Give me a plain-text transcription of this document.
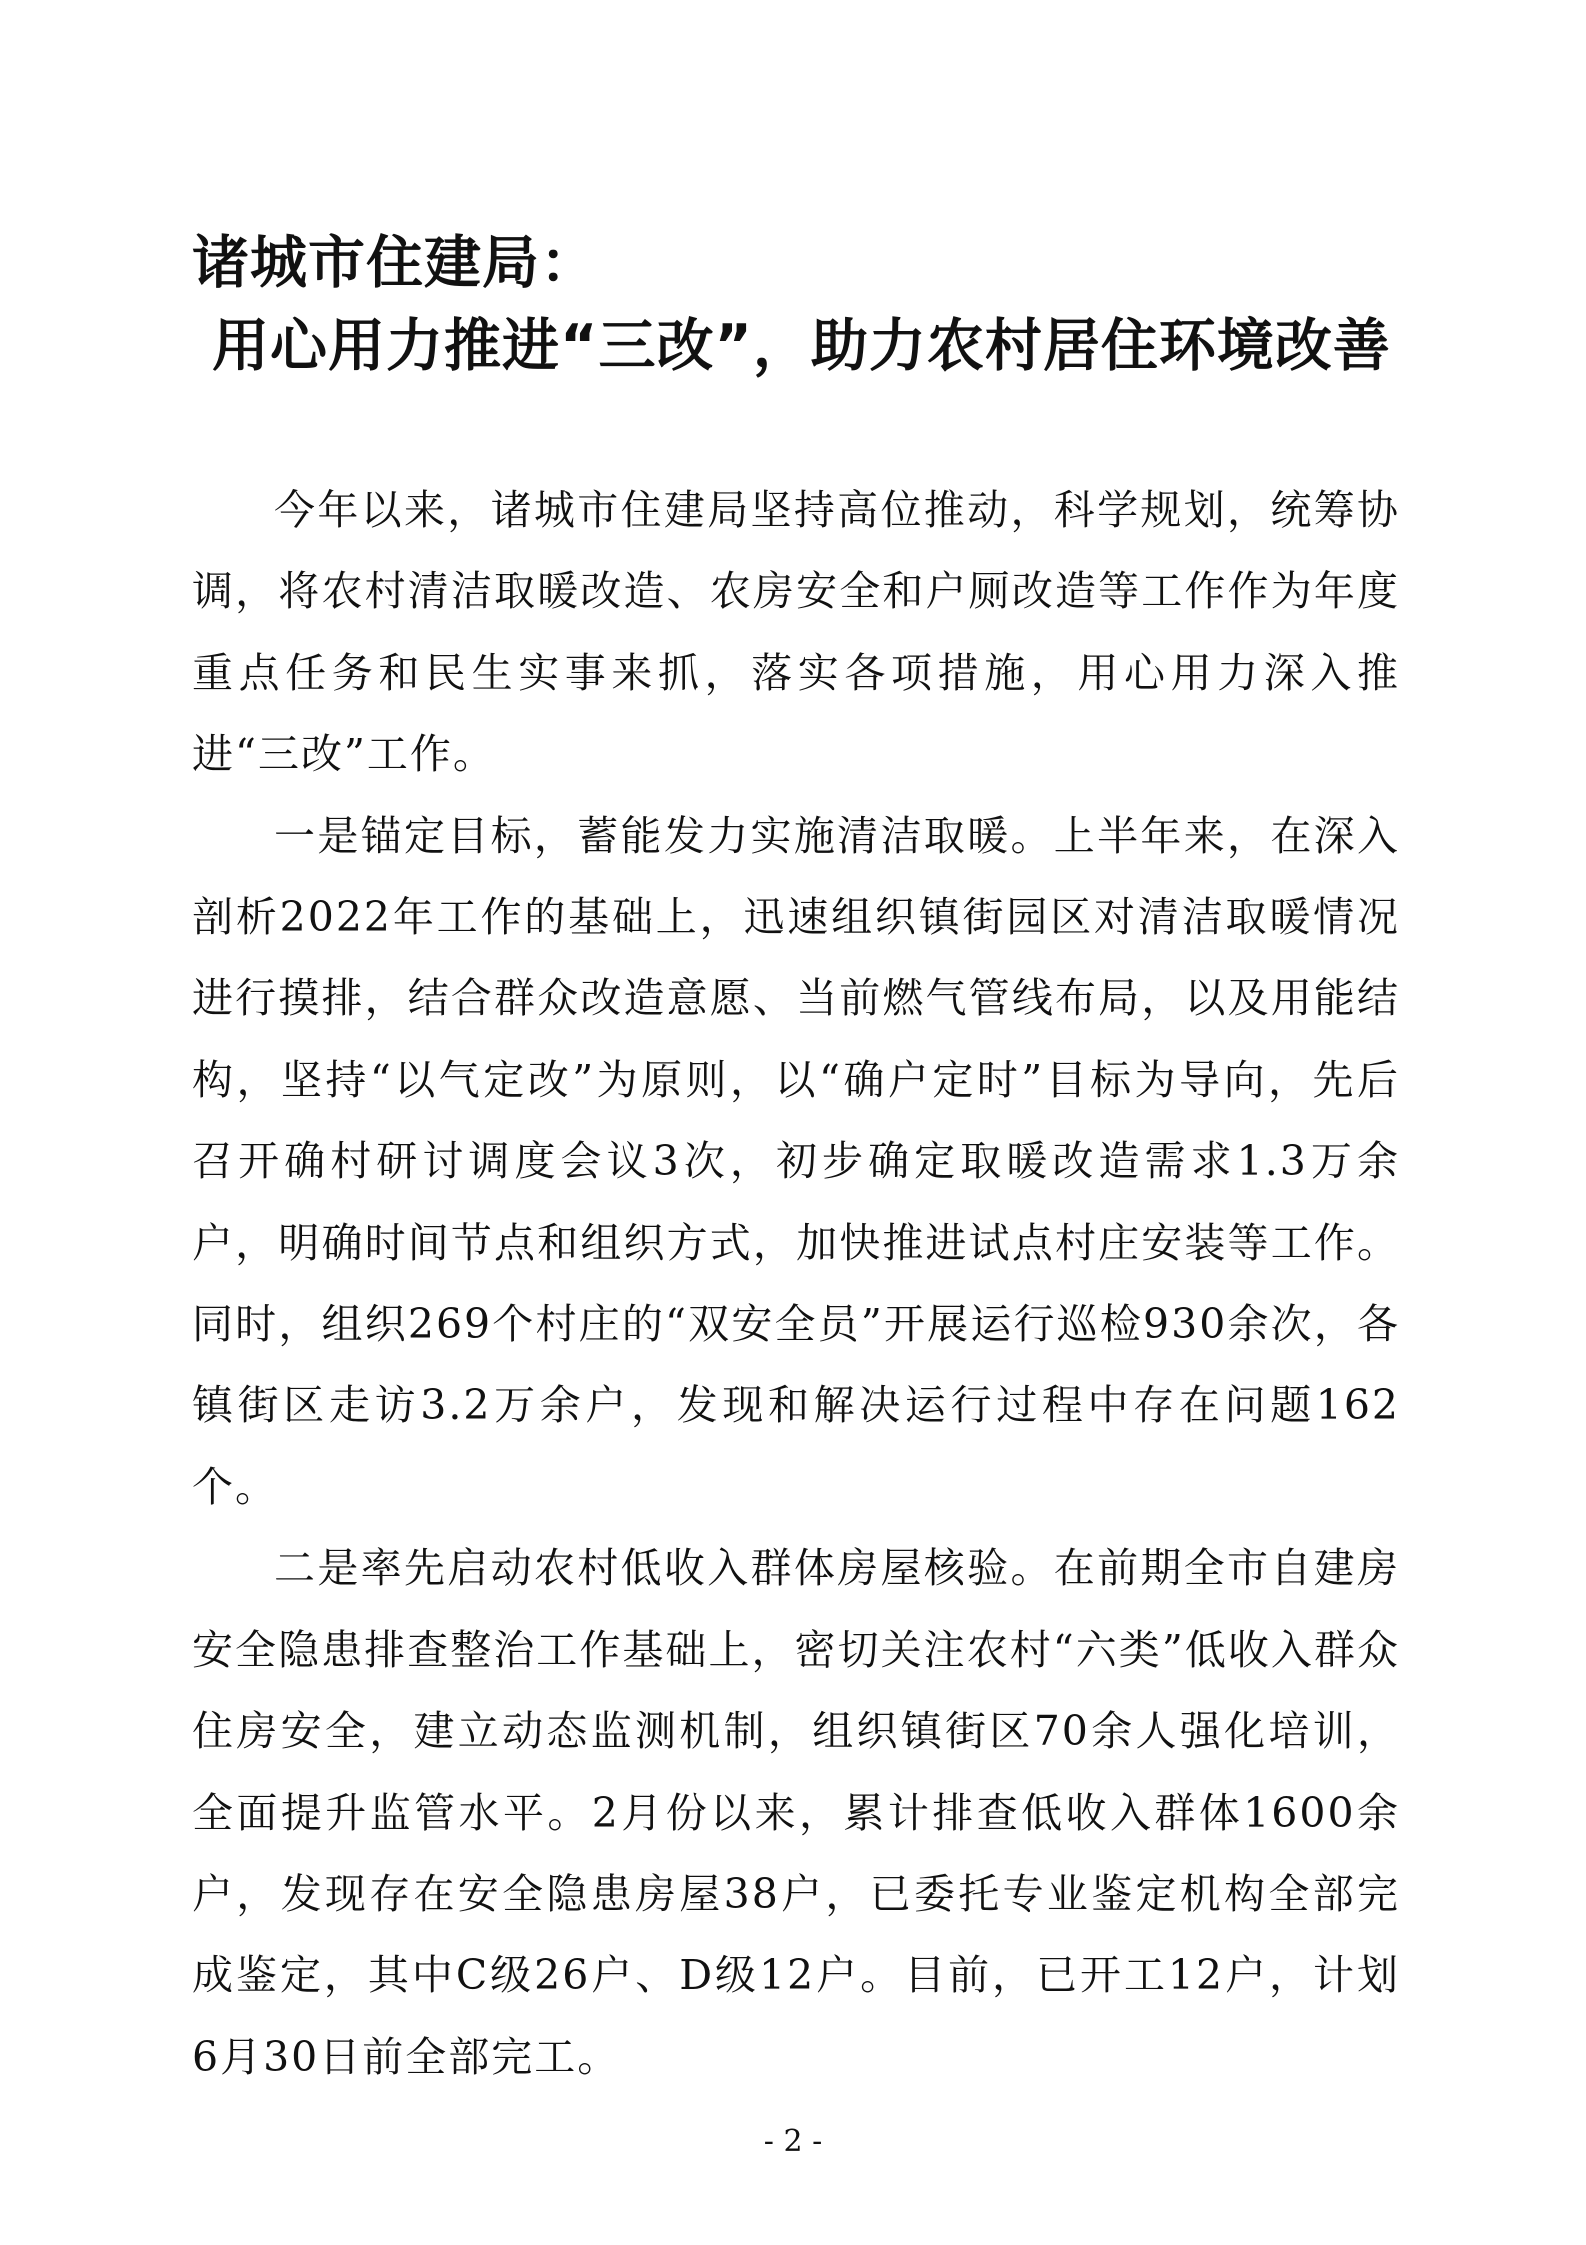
诸城市住建局：
用心用力推进“三改”，助力农村居住环境改善

今年以来，诸城市住建局坚持高位推动，科学规划，统筹协调，将农村清洁取暖改造、农房安全和户厕改造等工作作为年度重点任务和民生实事来抓，落实各项措施，用心用力深入推进“三改”工作。

一是锚定目标，蓄能发力实施清洁取暖。上半年来，在深入剖析2022年工作的基础上，迅速组织镇街园区对清洁取暖情况进行摸排，结合群众改造意愿、当前燃气管线布局，以及用能结构，坚持“以气定改”为原则，以“确户定时”目标为导向，先后召开确村研讨调度会议3次，初步确定取暖改造需求1.3万余户，明确时间节点和组织方式，加快推进试点村庄安装等工作。同时，组织269个村庄的“双安全员”开展运行巡检930余次，各镇街区走访3.2万余户，发现和解决运行过程中存在问题162个。

二是率先启动农村低收入群体房屋核验。在前期全市自建房安全隐患排查整治工作基础上，密切关注农村“六类”低收入群众住房安全，建立动态监测机制，组织镇街区70余人强化培训，全面提升监管水平。2月份以来，累计排查低收入群体1600余户，发现存在安全隐患房屋38户，已委托专业鉴定机构全部完成鉴定，其中C级26户、D级12户。目前，已开工12户，计划6月30日前全部完工。

- 2 -
